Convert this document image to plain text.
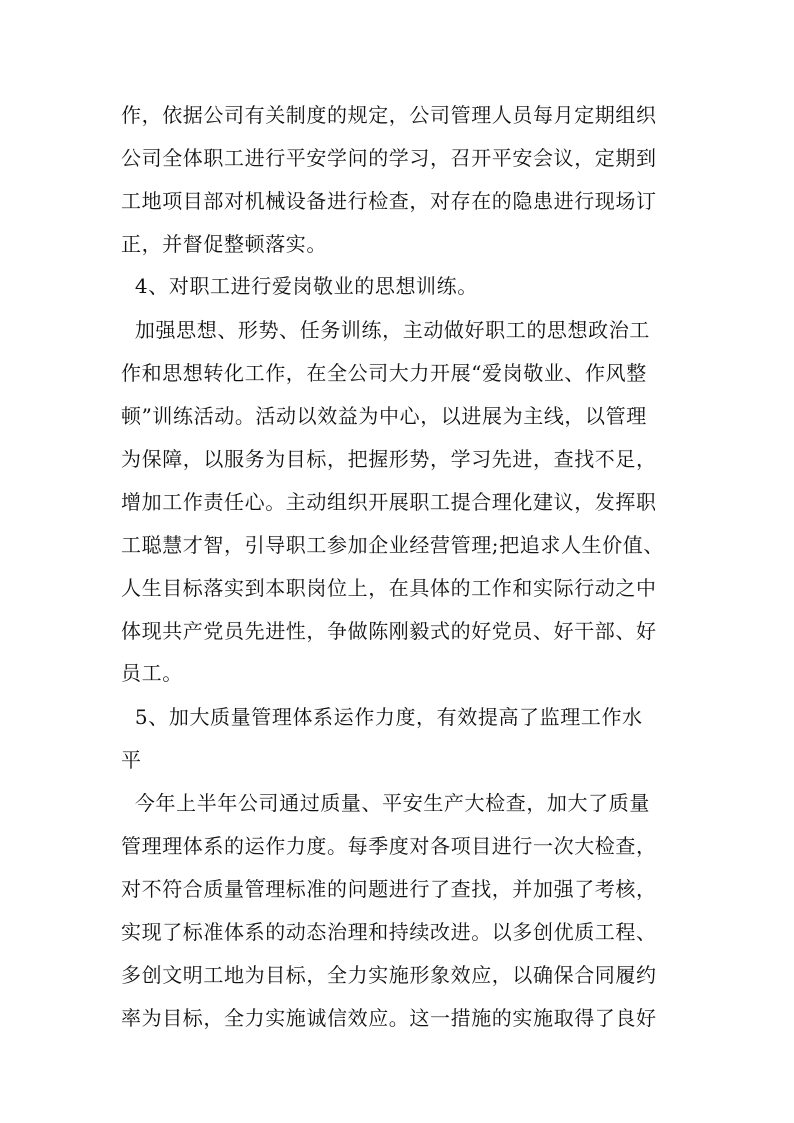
作，依据公司有关制度的规定，公司管理人员每月定期组织
公司全体职工进行平安学问的学习，召开平安会议，定期到
工地项目部对机械设备进行检查，对存在的隐患进行现场订
正，并督促整顿落实。
4、对职工进行爱岗敬业的思想训练。
加强思想、形势、任务训练，主动做好职工的思想政治工
作和思想转化工作，在全公司大力开展“爱岗敬业、作风整
顿”训练活动。活动以效益为中心，以进展为主线，以管理
为保障，以服务为目标，把握形势，学习先进，查找不足，
增加工作责任心。主动组织开展职工提合理化建议，发挥职
工聪慧才智，引导职工参加企业经营管理;把追求人生价值、
人生目标落实到本职岗位上，在具体的工作和实际行动之中
体现共产党员先进性，争做陈刚毅式的好党员、好干部、好
员工。
5、加大质量管理体系运作力度，有效提高了监理工作水
平
今年上半年公司通过质量、平安生产大检查，加大了质量
管理理体系的运作力度。每季度对各项目进行一次大检查，
对不符合质量管理标准的问题进行了查找，并加强了考核，
实现了标准体系的动态治理和持续改进。以多创优质工程、
多创文明工地为目标，全力实施形象效应，以确保合同履约
率为目标，全力实施诚信效应。这一措施的实施取得了良好
